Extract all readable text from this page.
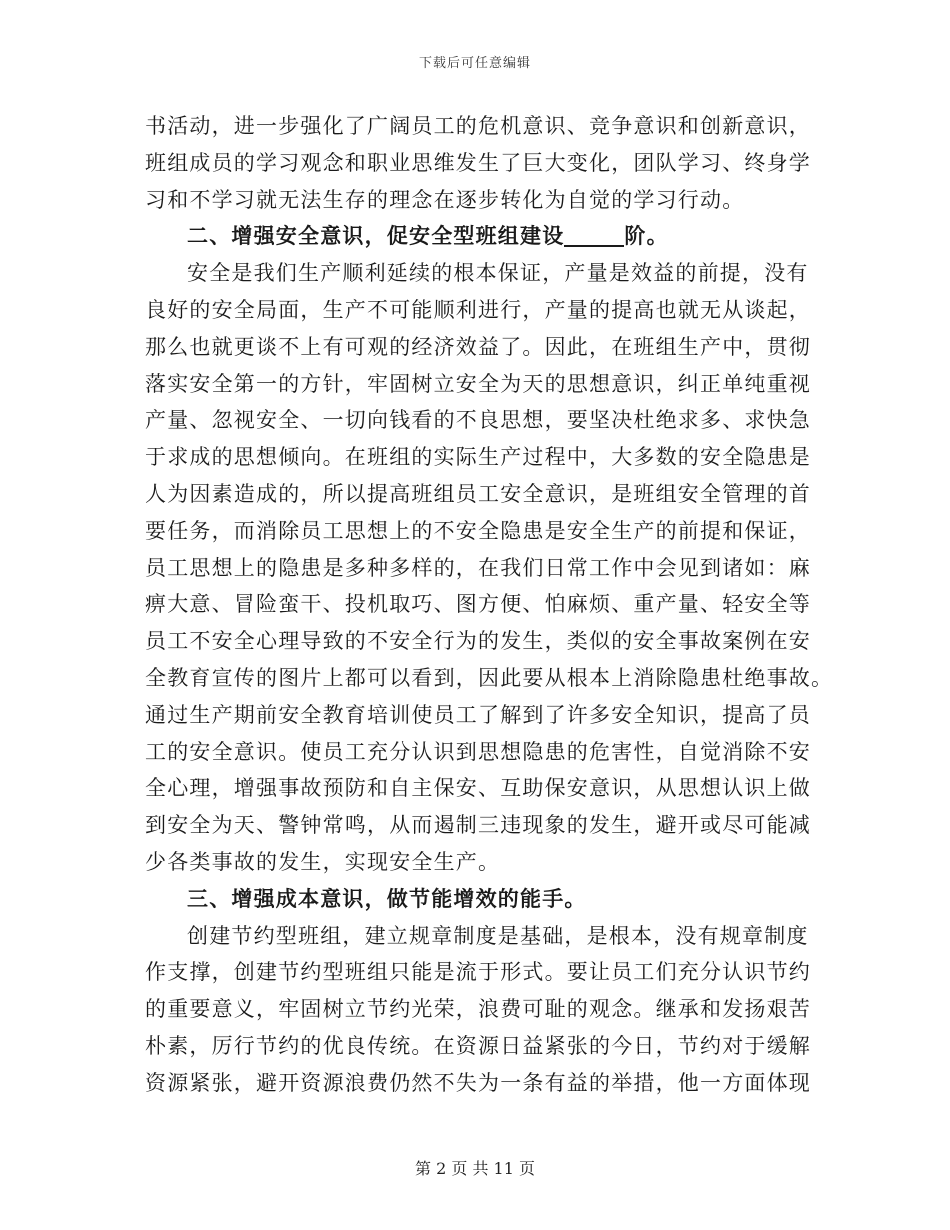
下载后可任意编辑
书活动，进一步强化了广阔员工的危机意识、竞争意识和创新意识，
班组成员的学习观念和职业思维发生了巨大变化，团队学习、终身学
习和不学习就无法生存的理念在逐步转化为自觉的学习行动。
二、增强安全意识，促安全型班组建设	阶。
安全是我们生产顺利延续的根本保证，产量是效益的前提，没有
良好的安全局面，生产不可能顺利进行，产量的提高也就无从谈起，
那么也就更谈不上有可观的经济效益了。因此，在班组生产中，贯彻
落实安全第一的方针，牢固树立安全为天的思想意识，纠正单纯重视
产量、忽视安全、一切向钱看的不良思想，要坚决杜绝求多、求快急
于求成的思想倾向。在班组的实际生产过程中，大多数的安全隐患是
人为因素造成的，所以提高班组员工安全意识，是班组安全管理的首
要任务，而消除员工思想上的不安全隐患是安全生产的前提和保证，
员工思想上的隐患是多种多样的，在我们日常工作中会见到诸如：麻
痹大意、冒险蛮干、投机取巧、图方便、怕麻烦、重产量、轻安全等
员工不安全心理导致的不安全行为的发生，类似的安全事故案例在安
全教育宣传的图片上都可以看到，因此要从根本上消除隐患杜绝事故。
通过生产期前安全教育培训使员工了解到了许多安全知识，提高了员
工的安全意识。使员工充分认识到思想隐患的危害性，自觉消除不安
全心理，增强事故预防和自主保安、互助保安意识，从思想认识上做
到安全为天、警钟常鸣，从而遏制三违现象的发生，避开或尽可能减
少各类事故的发生，实现安全生产。
三、增强成本意识，做节能增效的能手。
创建节约型班组，建立规章制度是基础，是根本，没有规章制度
作支撑，创建节约型班组只能是流于形式。要让员工们充分认识节约
的重要意义，牢固树立节约光荣，浪费可耻的观念。继承和发扬艰苦
朴素，厉行节约的优良传统。在资源日益紧张的今日，节约对于缓解
资源紧张，避开资源浪费仍然不失为一条有益的举措，他一方面体现
第 2 页 共 11 页
